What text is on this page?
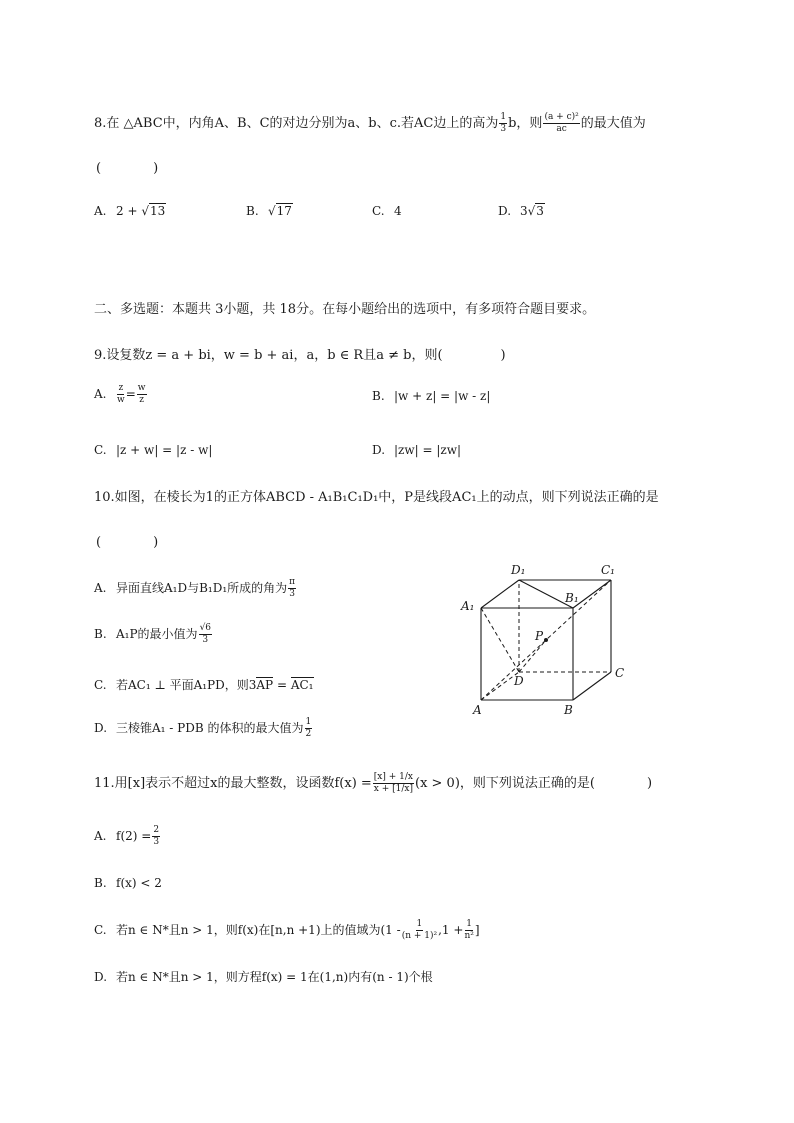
8.在 △ABC中，内角A、B、C的对边分别为a、b、c.若AC边上的高为 $\frac{1}{3}$ b，则 $\frac{\text{(a + c)²}}{ac}$ 的最大值为
(　　　　)
A. 2 + √13	B. √17	C. 4	D. 3√3
二、多选题：本题共 3小题，共 18分。在每小题给出的选项中，有多项符合题目要求。
9.设复数z = a + bi，w = b + ai，a，b ∈ R且a ≠ b，则(	)
A. $\frac{z}{w} = \frac{w}{z}$	B. |w + z| = |w - z|
C. |z + w| = |z - w|	D. |zw| = |zw|
10.如图，在棱长为1的正方体ABCD - A₁B₁C₁D₁中，P是线段AC₁上的动点，则下列说法正确的是
(　　　　)
A. 异面直线A₁D与B₁D₁所成的角为 $\frac{\pi}{3}$
B. A₁P的最小值为 $\frac{√6}{3}$
C. 若AC₁ ⊥ 平面A₁PD，则3AP = AC₁
D. 三棱锥A₁ - PDB 的体积的最大值为 $\frac{1}{2}$
D₁	C₁
A₁
B₁
P
D
C
A	B
11.用[x]表示不超过x的最大整数，设函数$f(x) = \frac{[x] + 1/x}{x + [1/x]} (x > 0)$，则下列说法正确的是(　　　　)
A. $f(2) = \frac{2}{3}$
B. f(x) < 2
C. 若n ∈ N*且n > 1，则f(x)在[n,n +1)上的值域为($1 - \frac{1}{\text{(n + 1)²}} ,1 + \frac{1}{\text{n²}}$ ]
D. 若n ∈ N*且n > 1，则方程f(x) = 1在(1,n)内有(n - 1)个根
